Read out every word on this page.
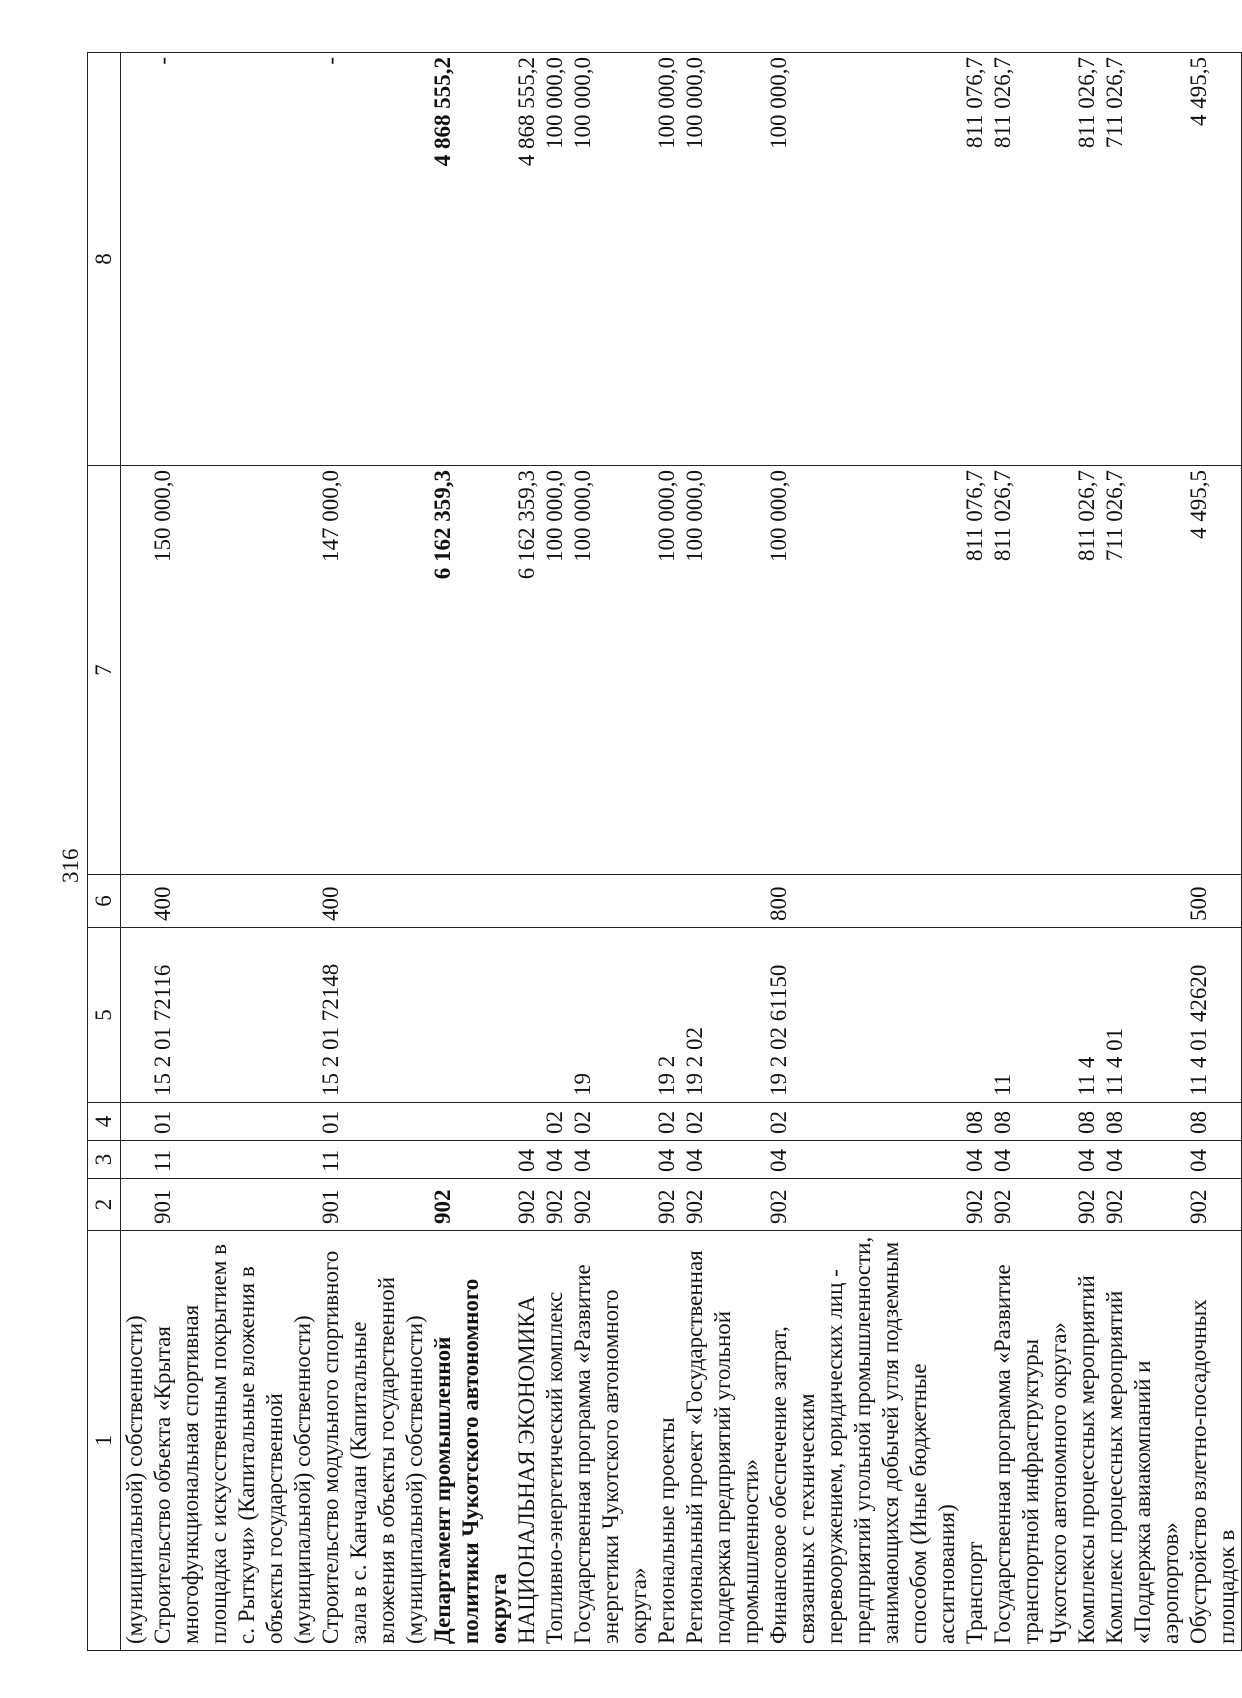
316
1	2	3	4	5	6	7	8
(муниципальной) собственности)							
Строительство объекта «Крытая многофункциональная спортивная площадка с искусственным покрытием в с. Рыткучи» (Капитальные вложения в объекты государственной (муниципальной) собственности)	901	11	01	15 2 01 72116	400	150 000,0	-
Строительство модульного спортивного зала в с. Канчалан (Капитальные вложения в объекты государственной (муниципальной) собственности)	901	11	01	15 2 01 72148	400	147 000,0	-
Департамент промышленной политики Чукотского автономного округа	902					6 162 359,3	4 868 555,2
НАЦИОНАЛЬНАЯ ЭКОНОМИКА	902	04				6 162 359,3	4 868 555,2
Топливно-энергетический комплекс	902	04	02			100 000,0	100 000,0
Государственная программа «Развитие энергетики Чукотского автономного округа»	902	04	02	19		100 000,0	100 000,0
Региональные проекты	902	04	02	19 2		100 000,0	100 000,0
Региональный проект «Государственная поддержка предприятий угольной промышленности»	902	04	02	19 2 02		100 000,0	100 000,0
Финансовое обеспечение затрат, связанных с техническим перевооружением, юридических лиц - предприятий угольной промышленности, занимающихся добычей угля подземным способом (Иные бюджетные ассигнования)	902	04	02	19 2 02 61150	800	100 000,0	100 000,0
Транспорт	902	04	08			811 076,7	811 076,7
Государственная программа «Развитие транспортной инфраструктуры Чукотского автономного округа»	902	04	08	11		811 026,7	811 026,7
Комплексы процессных мероприятий	902	04	08	11 4		811 026,7	811 026,7
Комплекс процессных мероприятий «Поддержка авиакомпаний и аэропортов»	902	04	08	11 4 01		711 026,7	711 026,7
Обустройство взлетно-посадочных площадок в	902	04	08	11 4 01 42620	500	4 495,5	4 495,5
